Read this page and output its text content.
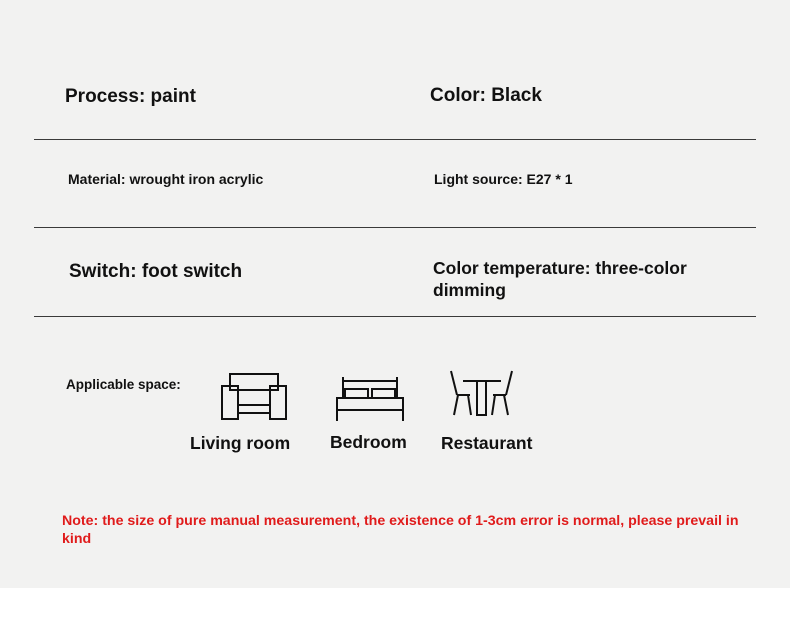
Process: paint	Color: Black
Material: wrought iron acrylic	Light source: E27 * 1
Switch: foot switch	Color temperature: three-color dimming
Applicable space:
Living room Bedroom Restaurant
Note: the size of pure manual measurement, the existence of 1-3cm error is normal, please prevail in kind
